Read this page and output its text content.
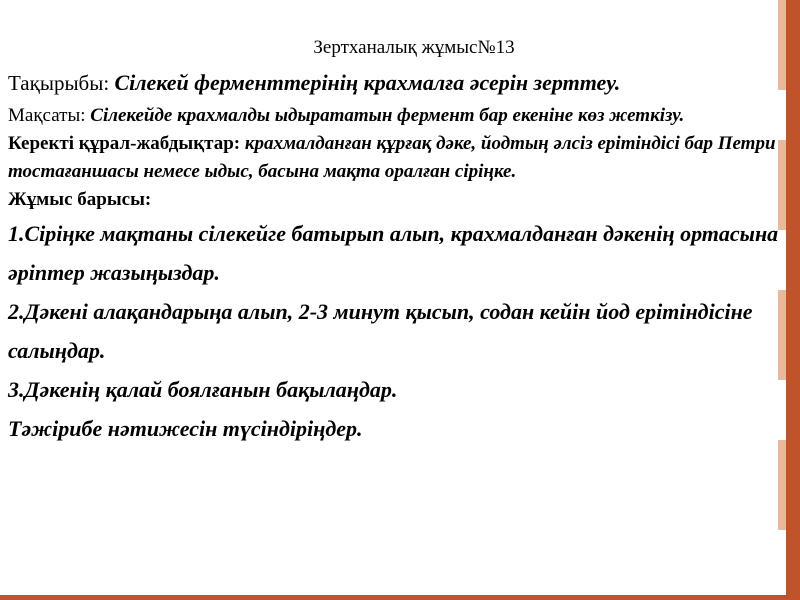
Зертханалық жұмыс№13

Тақырыбы: Сілекей ферменттерінің крахмалға әсерін зерттеу.

Мақсаты: Сілекейде крахмалды ыдырататын фермент бар екеніне көз жеткізу.

Керекті құрал-жабдықтар: крахмалданған құрғақ дәке, йодтың әлсіз ерітіндісі бар Петри тостағаншасы немесе ыдыс, басына мақта оралған сіріңке.

Жұмыс барысы:

1.Сіріңке мақтаны сілекейге батырып алып, крахмалданған дәкенің ортасына әріптер жазыңыздар.

2.Дәкені алақандарыңа алып, 2-3 минут қысып, содан кейін йод ерітіндісіне салыңдар.

3.Дәкенің қалай боялғанын бақылаңдар.

Тәжірибе нәтижесін түсіндіріңдер.
